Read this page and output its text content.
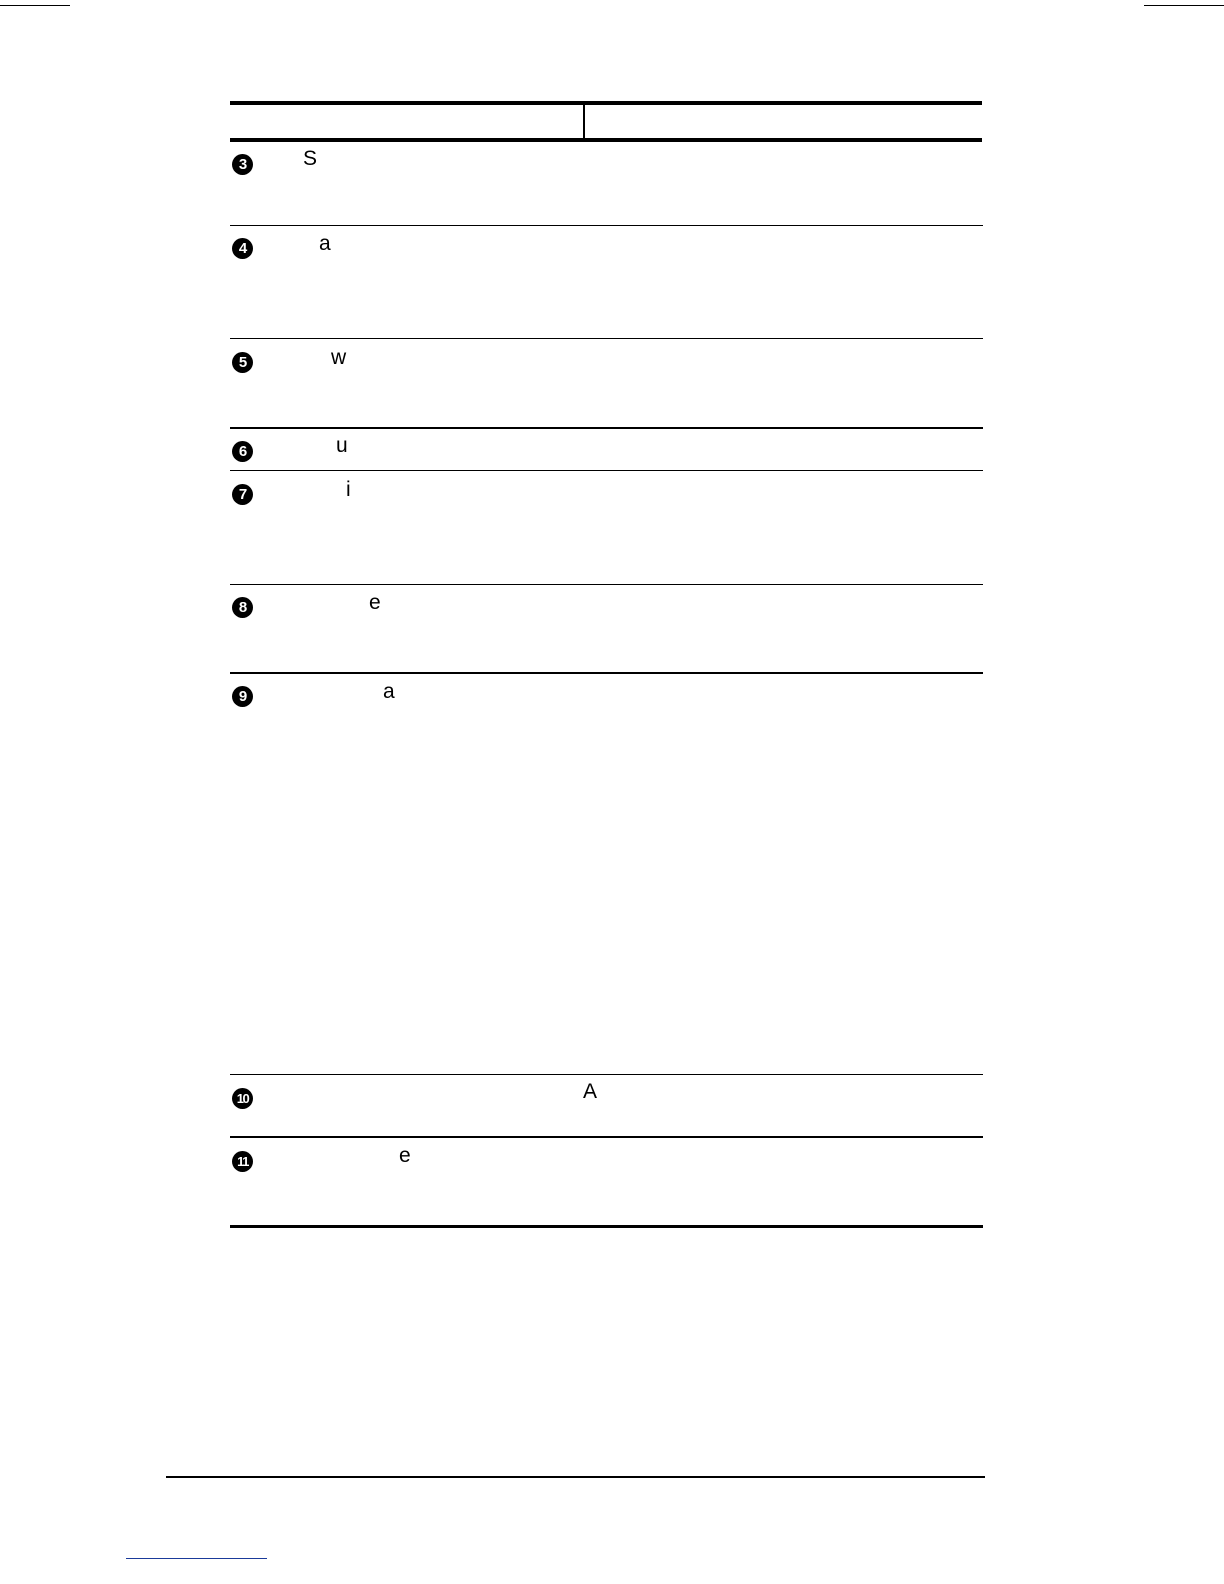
3	S
4	a
5	w
6	u
7	i
8	e
9	a
10	A
11	e
